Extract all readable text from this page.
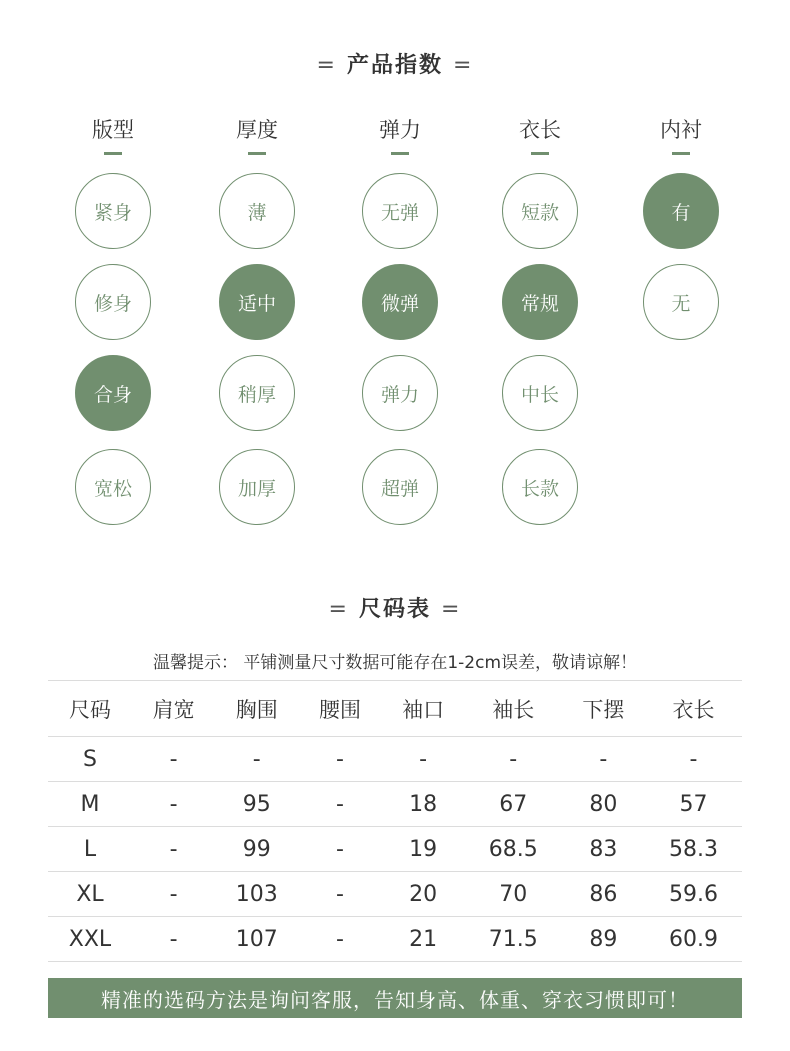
= 产品指数 =
版型
紧身
修身
合身
宽松
厚度
薄
适中
稍厚
加厚
弹力
无弹
微弹
弹力
超弹
衣长
短款
常规
中长
长款
内衬
有
无
= 尺码表 =
温馨提示： 平铺测量尺寸数据可能存在1-2cm误差，敬请谅解！
尺码	肩宽	胸围	腰围	袖口	袖长	下摆	衣长
S	-	-	-	-	-	-	-
M	-	95	-	18	67	80	57
L	-	99	-	19	68.5	83	58.3
XL	-	103	-	20	70	86	59.6
XXL	-	107	-	21	71.5	89	60.9
精准的选码方法是询问客服，告知身高、体重、穿衣习惯即可！
